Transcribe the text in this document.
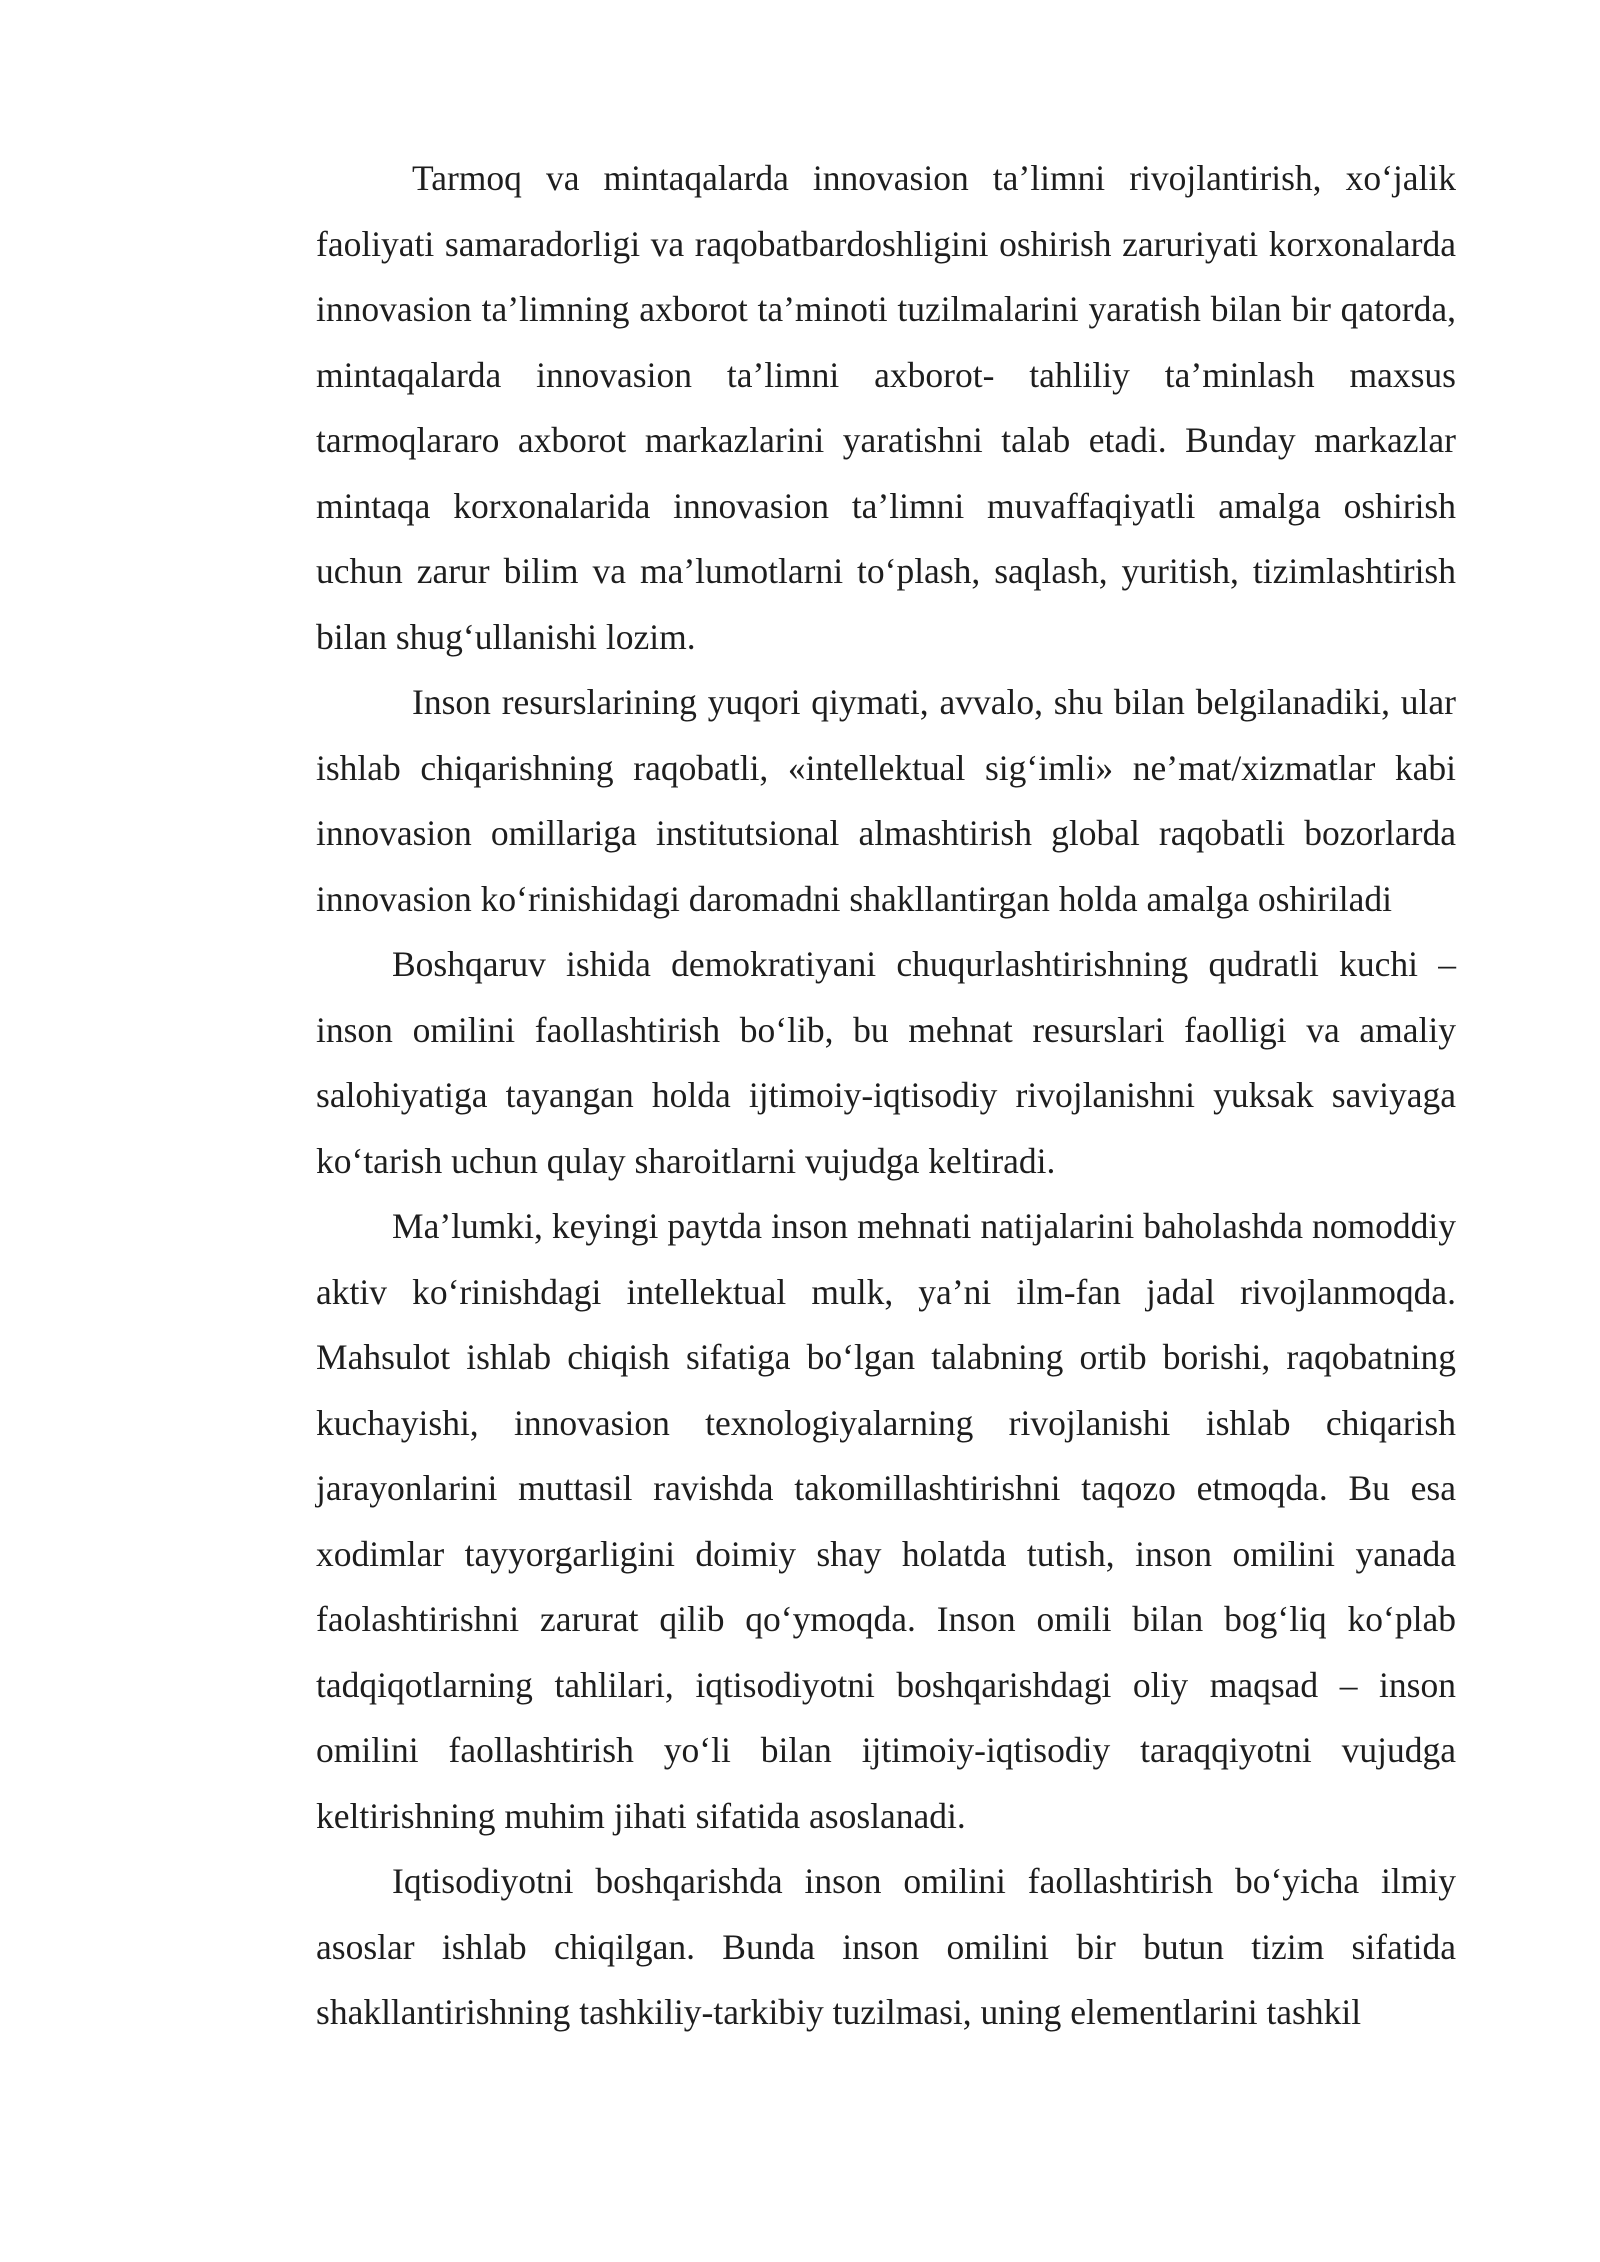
Tarmoq va mintaqalarda innovasion ta’limni rivojlantirish, xo‘jalik faoliyati samaradorligi va raqobatbardoshligini oshirish zaruriyati korxonalarda innovasion ta’limning axborot ta’minoti tuzilmalarini yaratish bilan bir qatorda, mintaqalarda innovasion ta’limni axborot- tahliliy ta’minlash maxsus tarmoqlararo axborot markazlarini yaratishni talab etadi. Bunday markazlar mintaqa korxonalarida innovasion ta’limni muvaffaqiyatli amalga oshirish uchun zarur bilim va ma’lumotlarni to‘plash, saqlash, yuritish, tizimlashtirish bilan shug‘ullanishi lozim.

Inson resurslarining yuqori qiymati, avvalo, shu bilan belgilanadiki, ular ishlab chiqarishning raqobatli, «intellektual sig‘imli» ne’mat/xizmatlar kabi innovasion omillariga institutsional almashtirish global raqobatli bozorlarda innovasion ko‘rinishidagi daromadni shakllantirgan holda amalga oshiriladi

Boshqaruv ishida demokratiyani chuqurlashtirishning qudratli kuchi – inson omilini faollashtirish bo‘lib, bu mehnat resurslari faolligi va amaliy salohiyatiga tayangan holda ijtimoiy-iqtisodiy rivojlanishni yuksak saviyaga ko‘tarish uchun qulay sharoitlarni vujudga keltiradi.

Ma’lumki, keyingi paytda inson mehnati natijalarini baholashda nomoddiy aktiv ko‘rinishdagi intellektual mulk, ya’ni ilm-fan jadal rivojlanmoqda. Mahsulot ishlab chiqish sifatiga bo‘lgan talabning ortib borishi, raqobatning kuchayishi, innovasion texnologiyalarning rivojlanishi ishlab chiqarish jarayonlarini muttasil ravishda takomillashtirishni taqozo etmoqda. Bu esa xodimlar tayyorgarligini doimiy shay holatda tutish, inson omilini yanada faolashtirishni zarurat qilib qo‘ymoqda. Inson omili bilan bog‘liq ko‘plab tadqiqotlarning tahlilari, iqtisodiyotni boshqarishdagi oliy maqsad – inson omilini faollashtirish yo‘li bilan ijtimoiy-iqtisodiy taraqqiyotni vujudga keltirishning muhim jihati sifatida asoslanadi.

Iqtisodiyotni boshqarishda inson omilini faollashtirish bo‘yicha ilmiy asoslar ishlab chiqilgan. Bunda inson omilini bir butun tizim sifatida shakllantirishning tashkiliy-tarkibiy tuzilmasi, uning elementlarini tashkil
